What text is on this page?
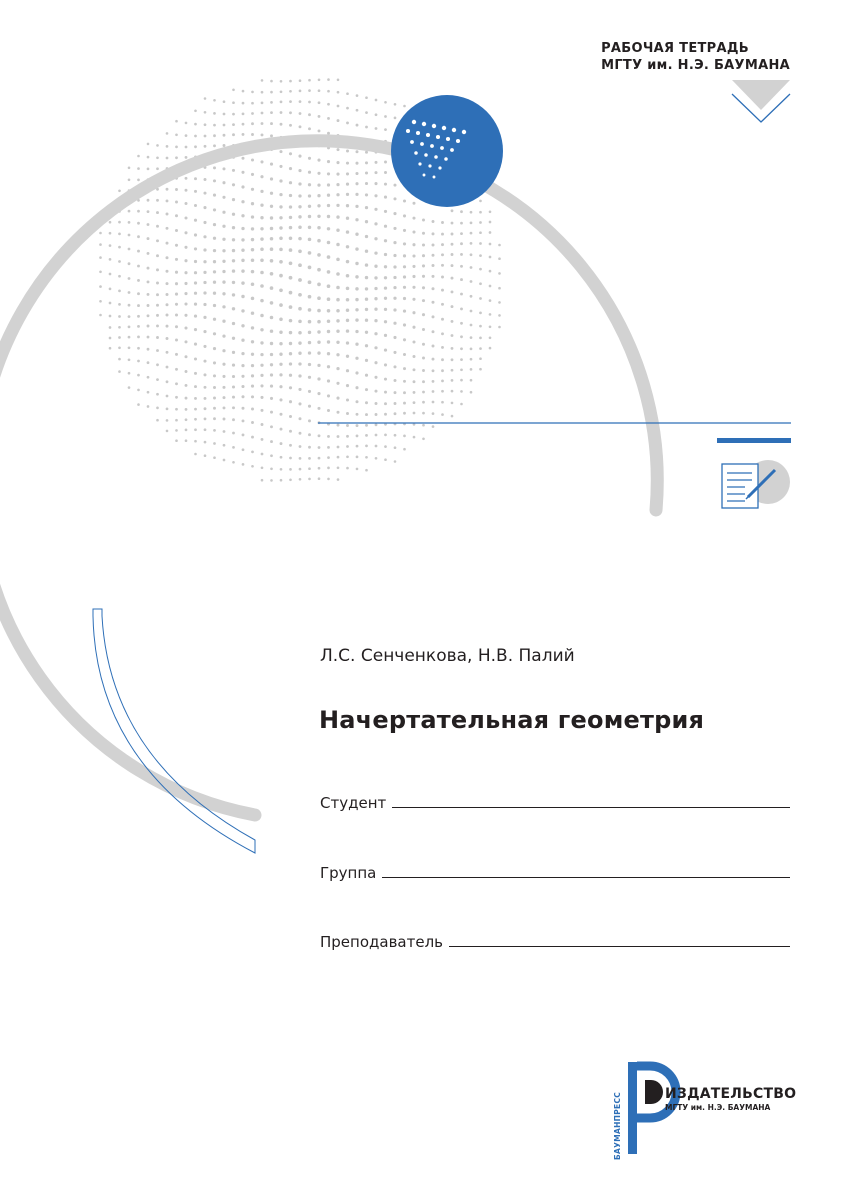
РАБОЧАЯ ТЕТРАДЬ
МГТУ им. Н.Э. БАУМАНА
Л.С. Сенченкова, Н.В. Палий
Начертательная геометрия
Студент
Группа
Преподаватель
БАУМАНПРЕСС	ИЗДАТЕЛЬСТВО
МГТУ им. Н.Э. БАУМАНА
